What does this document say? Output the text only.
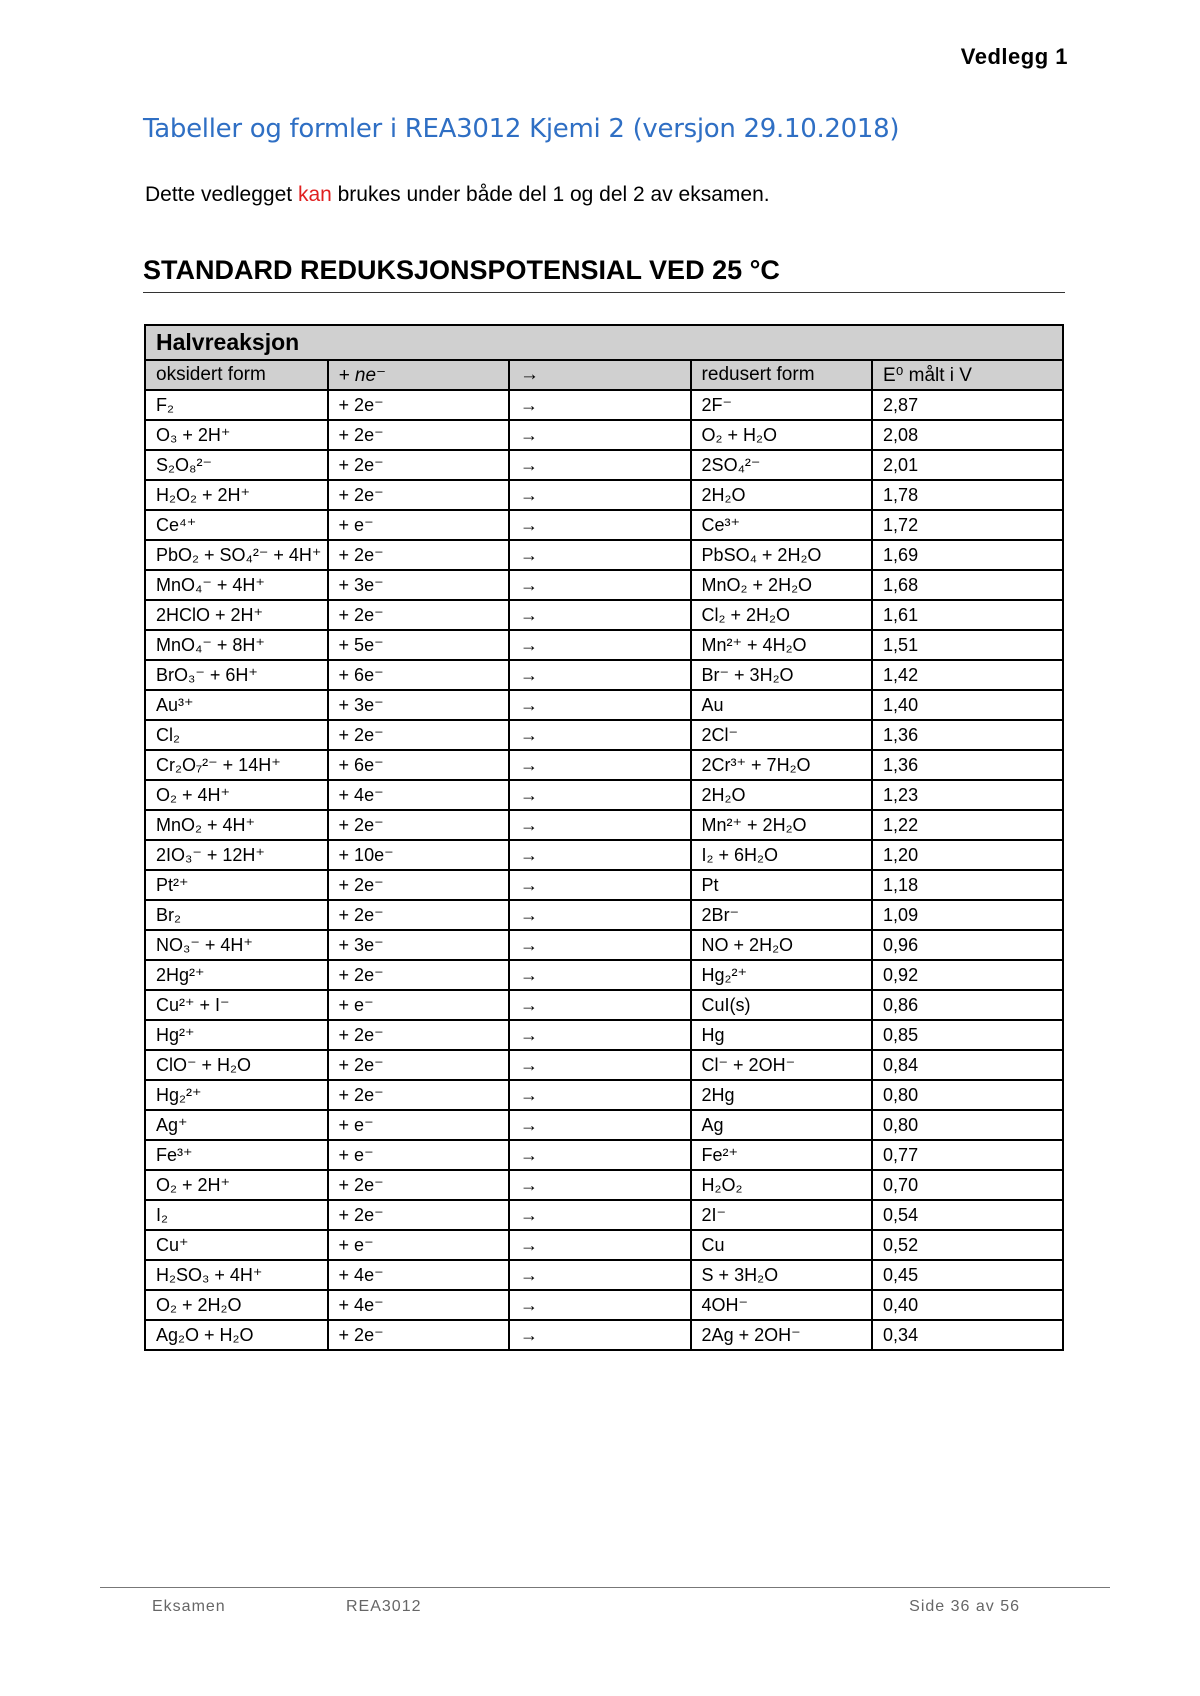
Vedlegg 1
Tabeller og formler i REA3012 Kjemi 2 (versjon 29.10.2018)
Dette vedlegget kan brukes under både del 1 og del 2 av eksamen.
STANDARD REDUKSJONSPOTENSIAL VED 25 °C
Halvreaksjon				
oksidert form	+ ne⁻	→	redusert form	E⁰ målt i V
F₂	+ 2e⁻	→	2F⁻	2,87
O₃ + 2H⁺	+ 2e⁻	→	O₂ + H₂O	2,08
S₂O₈²⁻	+ 2e⁻	→	2SO₄²⁻	2,01
H₂O₂ + 2H⁺	+ 2e⁻	→	2H₂O	1,78
Ce⁴⁺	+ e⁻	→	Ce³⁺	1,72
PbO₂ + SO₄²⁻ + 4H⁺	+ 2e⁻	→	PbSO₄ + 2H₂O	1,69
MnO₄⁻ + 4H⁺	+ 3e⁻	→	MnO₂ + 2H₂O	1,68
2HClO + 2H⁺	+ 2e⁻	→	Cl₂ + 2H₂O	1,61
MnO₄⁻ + 8H⁺	+ 5e⁻	→	Mn²⁺ + 4H₂O	1,51
BrO₃⁻ + 6H⁺	+ 6e⁻	→	Br⁻ + 3H₂O	1,42
Au³⁺	+ 3e⁻	→	Au	1,40
Cl₂	+ 2e⁻	→	2Cl⁻	1,36
Cr₂O₇²⁻ + 14H⁺	+ 6e⁻	→	2Cr³⁺ + 7H₂O	1,36
O₂ + 4H⁺	+ 4e⁻	→	2H₂O	1,23
MnO₂ + 4H⁺	+ 2e⁻	→	Mn²⁺ + 2H₂O	1,22
2IO₃⁻ + 12H⁺	+ 10e⁻	→	I₂ + 6H₂O	1,20
Pt²⁺	+ 2e⁻	→	Pt	1,18
Br₂	+ 2e⁻	→	2Br⁻	1,09
NO₃⁻ + 4H⁺	+ 3e⁻	→	NO + 2H₂O	0,96
2Hg²⁺	+ 2e⁻	→	Hg₂²⁺	0,92
Cu²⁺ + I⁻	+ e⁻	→	CuI(s)	0,86
Hg²⁺	+ 2e⁻	→	Hg	0,85
ClO⁻ + H₂O	+ 2e⁻	→	Cl⁻ + 2OH⁻	0,84
Hg₂²⁺	+ 2e⁻	→	2Hg	0,80
Ag⁺	+ e⁻	→	Ag	0,80
Fe³⁺	+ e⁻	→	Fe²⁺	0,77
O₂ + 2H⁺	+ 2e⁻	→	H₂O₂	0,70
I₂	+ 2e⁻	→	2I⁻	0,54
Cu⁺	+ e⁻	→	Cu	0,52
H₂SO₃ + 4H⁺	+ 4e⁻	→	S + 3H₂O	0,45
O₂ + 2H₂O	+ 4e⁻	→	4OH⁻	0,40
Ag₂O + H₂O	+ 2e⁻	→	2Ag + 2OH⁻	0,34
Eksamen	REA3012	Side 36 av 56
